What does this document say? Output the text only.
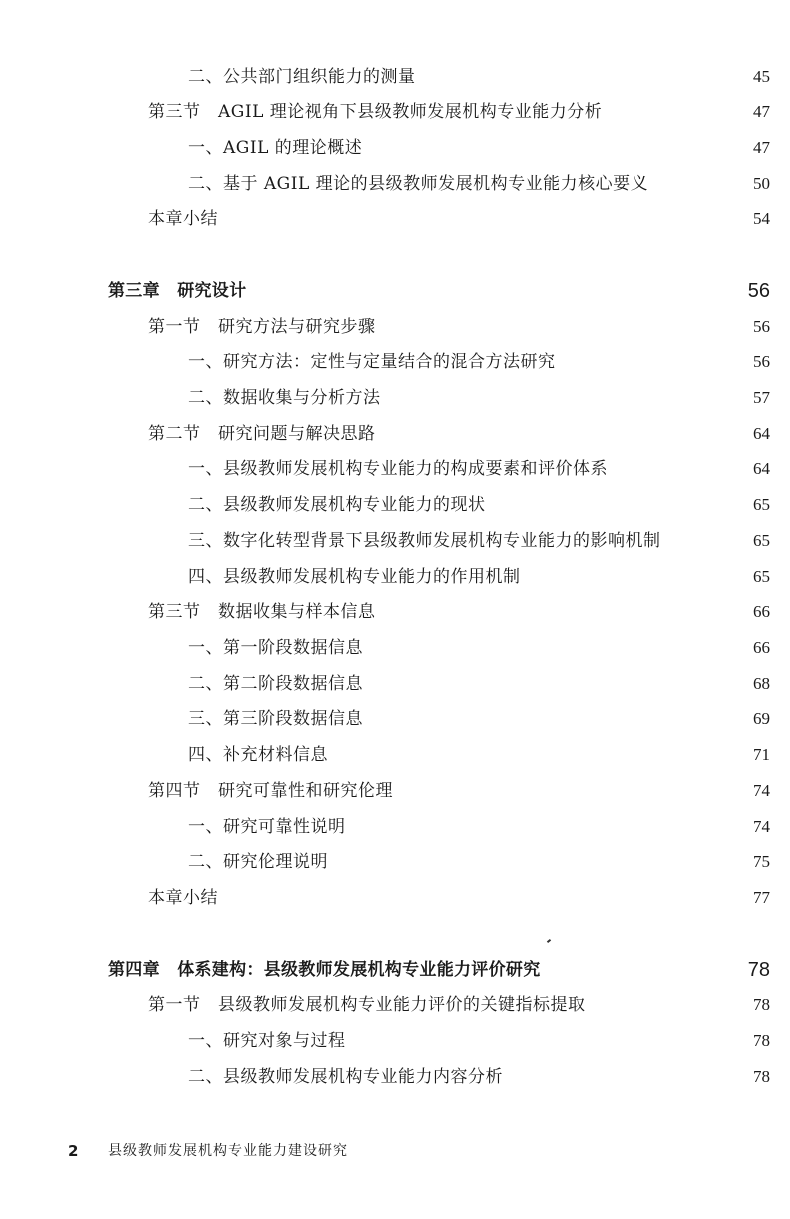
二、公共部门组织能力的测量	45
第三节　AGIL 理论视角下县级教师发展机构专业能力分析	47
一、AGIL 的理论概述	47
二、基于 AGIL 理论的县级教师发展机构专业能力核心要义	50
本章小结	54
第三章　研究设计	56
第一节　研究方法与研究步骤	56
一、研究方法：定性与定量结合的混合方法研究	56
二、数据收集与分析方法	57
第二节　研究问题与解决思路	64
一、县级教师发展机构专业能力的构成要素和评价体系	64
二、县级教师发展机构专业能力的现状	65
三、数字化转型背景下县级教师发展机构专业能力的影响机制	65
四、县级教师发展机构专业能力的作用机制	65
第三节　数据收集与样本信息	66
一、第一阶段数据信息	66
二、第二阶段数据信息	68
三、第三阶段数据信息	69
四、补充材料信息	71
第四节　研究可靠性和研究伦理	74
一、研究可靠性说明	74
二、研究伦理说明	75
本章小结	77
第四章　体系建构：县级教师发展机构专业能力评价研究	78
第一节　县级教师发展机构专业能力评价的关键指标提取	78
一、研究对象与过程	78
二、县级教师发展机构专业能力内容分析	78
2 县级教师发展机构专业能力建设研究
